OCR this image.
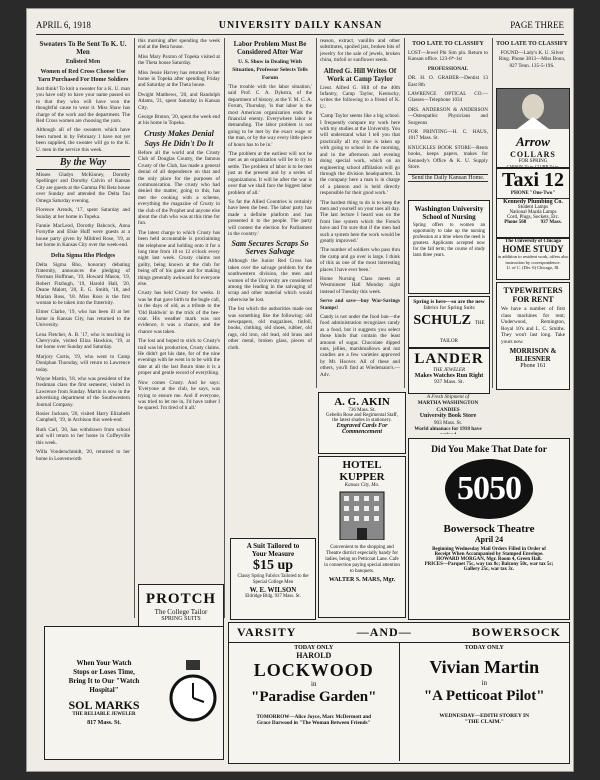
APRIL 6, 1918	UNIVERSITY DAILY KANSAN	PAGE THREE
Sweaters To Be Sent To K. U. Men
Enlisted Men
Women of Red Cross Choose Use Yarn Purchased For Home Soldiers

Just think! To knit a sweater for a K. U. man you have only to have your name passed on to that they who will have won the thoughtful cause to wear it. Miss Shaw has charge of the work and the department. The Red Cross women are choosing the yarn.

Although all of the sweaters which have been turned in by February 1 have not yet been supplied, the sweater will go to the K. U. men in the service this week.

By the Way

Misses Gladys McKinney, Dorothy Spellinger and Dorothy Calvin of Kansas City are guests at the Gamma Phi Beta house over Sunday and attended the Delta Tau Omega Saturday evening.

Florence Arends, '17, spent Saturday and Sunday at her home in Topeka.

Fannie MacLeod, Dorothy Babcock, Anna Forsythe and Elsie Huff were guests at a house party given by Mildred Rose, '19, at her home in Kansas City over the week-end.

Delta Sigma Rho Pledges

Delta Sigma Rho, honorary debating fraternity, announces the pledging of Norman Hoffman, '19, Howard Mason, '19, Robert Fitzhugh, '19, Harold Hall, '20, Deane Malott, '20, E. G. Smith, '18, and Marian Ross, '18. Miss Ross is the first woman to be taken into the fraternity.

Elmer Clarke, '19, who has been ill at her home in Kansas City, has returned to the University.

Lena Fletcher, A. B. '17, who is teaching in Cherryvale, visited Eliza Hawkins, '19, at her home over Sunday and Saturday.

Marjory Curtis, '19, who went to Camp Doniphan Thursday, will return to Lawrence today.

Wayne Martin, '18, who was president of the freshman class the first semester, visited in Lawrence from Sunday. Martin is now in the advertising department of the Southwestern Journal Company.

Rosier Jackson, '20, visited Harry Elizabeth Campbell, '19, in Atchison this week-end.

Ruth Carl, '20, has withdrawn from school and will return to her home in Coffeyville this week.

Willa Vonderschmidt, '20, returned to her home in Leavenworth

this morning after spending the week end at the Beta house.

Miss Mary Paxton of Topeka visited at the Theta house Saturday.

Miss Jessie Harvey has returned to her home in Topeka after spending Friday and Saturday at the Theta house.

Dwight Matthews, '20, and Randolph Adams, '21, spent Saturday in Kansas City.

George Bruton, '20, spent the week end at his home in Topeka.

Crusty Makes Denial
Says He Didn't Do It

Before all the world and the Crusty Club of Douglas County, the famous Crusty of the Club, has made a general denial of all dependence on that and the only place for the purposes of communication. The crusty who had denied the matter, going to this, has met the cooking with a scheme, everything the magazine of Crusty in the club of the Prophet and anyone else about the club who was at this time for fun.

The latest charge to which Crusty has been held accountable is proclaiming the telephone and holding onto it for a long time from 10 to 12 o'clock every night last week. Crusty claims not guilty, being known at the club for being off of his game and for making things generally awkward for everyone else.

Crusty has held Crusty for weeks. It was he that gave birth to the bugle call, in the days of old, as a tribute to the 'Old Baldwin' in the trick of the bee-coat. His weather mark was not evidence, it was a chance, and the chance was taken.

The lost and hoped to stick to Crusty's trail was his production, Crusty claims. He didn't get his date, for of the nine evenings with he went in to be with the date at all the last Bourn time it is a proper and gentle record of everything.

Now comes Crusty. And he says: 'Everyone at the club, he says, was trying to ensure me. And if everyone, was tried to let me in, I'd have rather I be spared. I'm tired of it all.'

PROTCH
The College Tailor
SPRING SUITS
When Your Watch
Stops or Loses Time,
Bring It to Our "Watch
Hospital"
SOL MARKS
THE RELIABLE JEWELER
817 Mass. St.
Labor Problem Must Be Considered After War
U. S. Show in Dealing With Situation, Professor Selects Tells Forum

'The trouble with the labor situation,' said Prof. C. A. Dykstra, of the department of history, at the Y. M. C. A. Forum, Thursday, 'is that labor is the most American organization ends the financial enemy. Everywhere labor is demanding. The labor problem is not going to be met by the exact wage or the man, or by the way every little piece of hours has to be in.'

'The problem at the earliest will not be met as an organization will be to try to settle. The problem of labor is to be met just as the present and by a series of organizations. It will be after the war is over that we shall face the biggest labor problem of all.'

'So far the Allied Countries is certainly have been the best. The labor party has made a definite platform and has presented it to the people. The party will contest the election for Parliament in the country.'

Sam Secures Scraps So Serves Salvage

Although the Junior Red Cross has taken over the salvage problem for the southwestern division, the men and women of the University are considered among the leading in the salvaging of scrap and other material which would otherwise be lost.

The list which the authorities made out was something like the following: old newspapers, old magazines, tinfoil, books, clothing, old shoes, rubber, old rags, old iron, old lead, old brass and other metal, broken glass, pieces of cloth.

reason, extract, vanillin and other substitutes, spoiled jars, broken bits of jewelry for the sale of jewels, broken china, tinfoil or sunflower seeds.

Alfred G. Hill Writes Of Work at Camp Taylor

Lieut. Alfred G. Hill of the 40th Infantry, Camp Taylor, Kentucky, writes the following to a friend of K. U.:

'Camp Taylor seems like a big school. I frequently compare my work here with my studies at the University. You will understand what I tell you that practically all my time is taken up with going to school in the morning, and in the afternoon and evening doing special work, which on an engineering school affiliation will go through the division headquarters. In the company here a man is in charge of a platoon and is held directly responsible for their good work.'

'The hardest thing to do is to keep the men and yourself on your toes all day. The last lecture I heard was on the front line system which the French have and I'm sure that if the men had such a system here the work would be greatly improved.'

'The number of soldiers who pass thru the camp and go over is large. I think of this as one of the most interesting places I have ever been.'

Home Nursing Class meets at Westminster Hall Monday night instead of Tuesday this week.

Serve and save—buy War-Savings Stamps!

Candy is not under the food ban—the food administration recognizes candy as a food, but it suggests you select those kinds that contain the least amount of sugar. Chocolate dipped nuts, jellies, marshmallows and nut candies are a few varieties approved by Mr. Hoover. All of these and others, you'll find at Wiedemann's.—Adv.

TOO LATE TO CLASSIFY

LOST—Jewel Phi Sim pin. Return to Kansan office. 123-6*-1st

PROFESSIONAL

DR. H. O. GRABER—Dentist 13 East 8th

LAWRENCE OPTICAL CO.—Glasses—Telephone 1034

DRS. ANDERSON & ANDERSON—Osteopathic Physicians and Surgeons

FOR PRINTING—H. C. HAUS, 1017 Mass. St.

KNUCKLES BOOK STORE—Rents books, keeps papers, makes for Kennedy's Office & K. U. Supply Store.

Send the Daily Kansan Home.

Washington University
School of Nursing
Spring offers to women an opportunity to take up the nursing profession at a time when the need is greatest. Applicants accepted now for the fall term; the course of study lasts three years.
Spring is here—so are the new
fabrics for Spring Suits
SCHULZ THE TAILOR
LANDER
THE JEWELER
Makes Watches Run Right
937 Mass. St.
A Fresh Shipment of
MARTHA WASHINGTON CANDIES
University Book Store
903 Mass. St.
World almanacs for 1918 have
TOO LATE TO CLASSIFY
FOUND—Lady's K. U. Silver Ring. Phone 3813—Miss Bonn, 827 Tenn. 135-5-19S.
Arrow
COLLARS
FOR SPRING
CARSON 2½ in. CLUBB 2½ in.
Taxi 12
PHONE "One-Two"
Kennedy Plumbing Co.
Student Lamps
National Mazda Lamps
Cord, Plugs, Sockets, Etc.
Phone 568	937 Mass.
The University of Chicago
HOME STUDY
in addition to resident work, offers also instruction by correspondence.
U. of C. (Div. 6) Chicago, Ill.
TYPEWRITERS
FOR RENT
We have a number of first class machines for rent; Underwood, Remington, Royal 10's and L. C. Smiths. They won't last long. Take yours now.
MORRISON &
BLIESNER
Phone 161
A. G. AKIN
736 Mass. St.
Gebelin Rose and Regimental Staff,
the latest shades in stationery.
Engraved Cards For Commencement
HOTEL
KUPPER
Kansas City, Mo.
Convenient to the shopping and Theatre district especially handy for ladies, being on Petticoat Lane. Cafe in connection paying special attention to banquets.
WALTER S. MARS, Mgr.
A Suit Tailored to
Your Measure
$15 up
Classy Spring Fabrics Tailored to the Special College Men
W. E. WILSON
Eldridge Bldg. 937 Mass. St.
Did You Make That Date for
5050
Bowersock Theatre
April 24
Beginning Wednesday Mail Orders Filled in Order of
Receipt When Accompanied by Stamped Envelope.
HOWARD MORGAN, Mgr. Room 4, Green Hall.
PRICES—Parquet 75c, way tax 8c; Balcony 50c, war tax 5c;
Gallery 25c, war tax 3c.
VARSITY	—AND—	BOWERSOCK
TODAY ONLY
HAROLD
LOCKWOOD
in
"Paradise Garden"
TOMORROW—Alice Joyce, Marc McDermott and
Grace Darwood in "The Woman Between Friends"
TODAY ONLY
Vivian Martin
in
"A Petticoat Pilot"
WEDNESDAY—EDITH STOREY IN
"THE CLAIM."
